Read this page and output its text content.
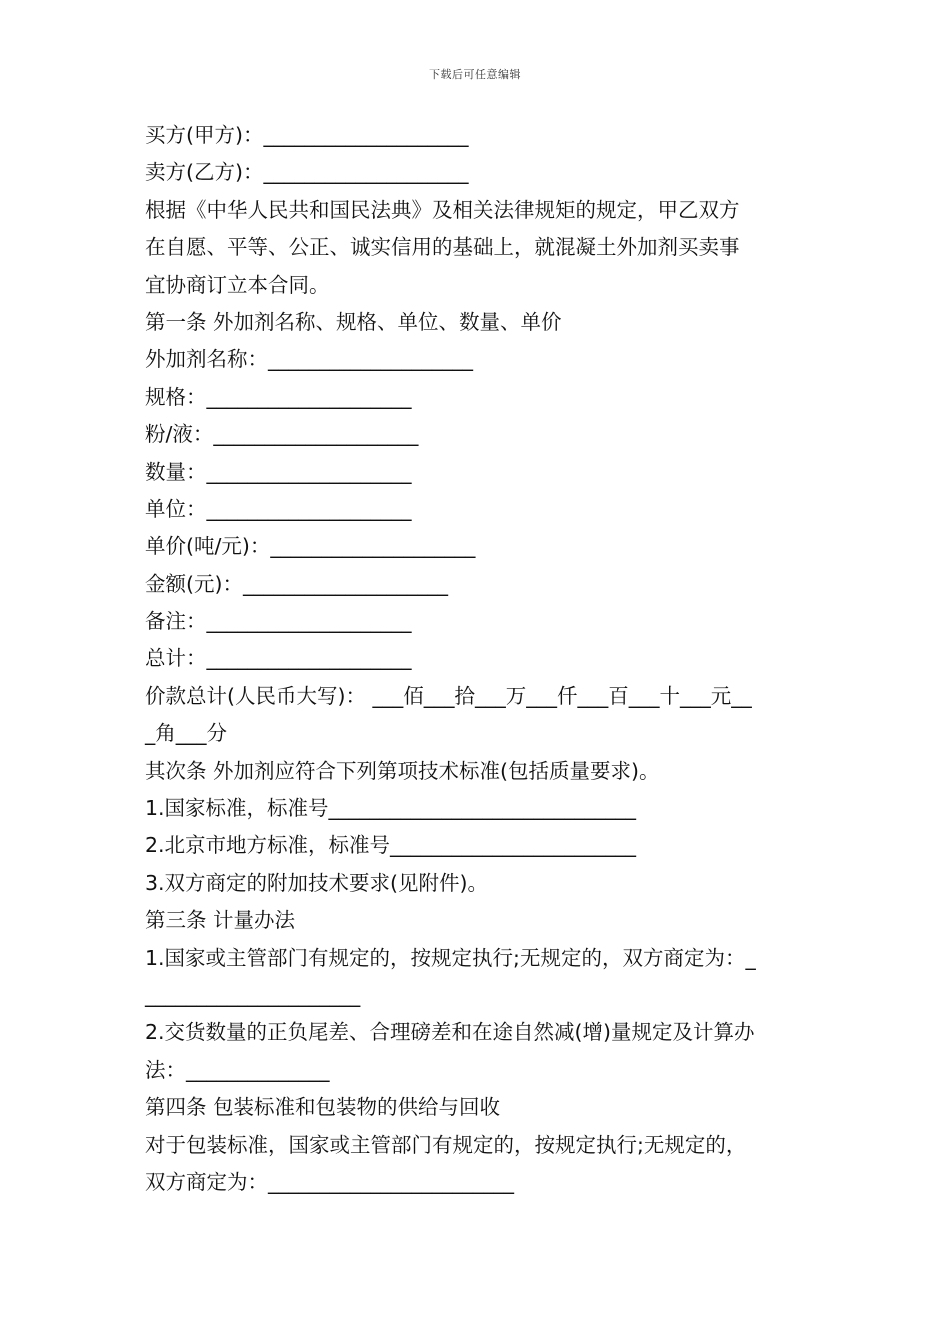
下载后可任意编辑
买方(甲方)：____________________
卖方(乙方)：____________________
根据《中华人民共和国民法典》及相关法律规矩的规定，甲乙双方
在自愿、平等、公正、诚实信用的基础上，就混凝土外加剂买卖事
宜协商订立本合同。
第一条 外加剂名称、规格、单位、数量、单价
外加剂名称：____________________
规格：____________________
粉/液：____________________
数量：____________________
单位：____________________
单价(吨/元)：____________________
金额(元)：____________________
备注：____________________
总计：____________________
价款总计(人民币大写)： ___佰___拾___万___仟___百___十___元__
_角___分
其次条 外加剂应符合下列第项技术标准(包括质量要求)。
1.国家标准，标准号______________________________
2.北京市地方标准，标准号________________________
3.双方商定的附加技术要求(见附件)。
第三条 计量办法
1.国家或主管部门有规定的，按规定执行;无规定的，双方商定为：_
_____________________
2.交货数量的正负尾差、合理磅差和在途自然减(增)量规定及计算办
法：______________
第四条 包装标准和包装物的供给与回收
对于包装标准，国家或主管部门有规定的，按规定执行;无规定的，
双方商定为：________________________
